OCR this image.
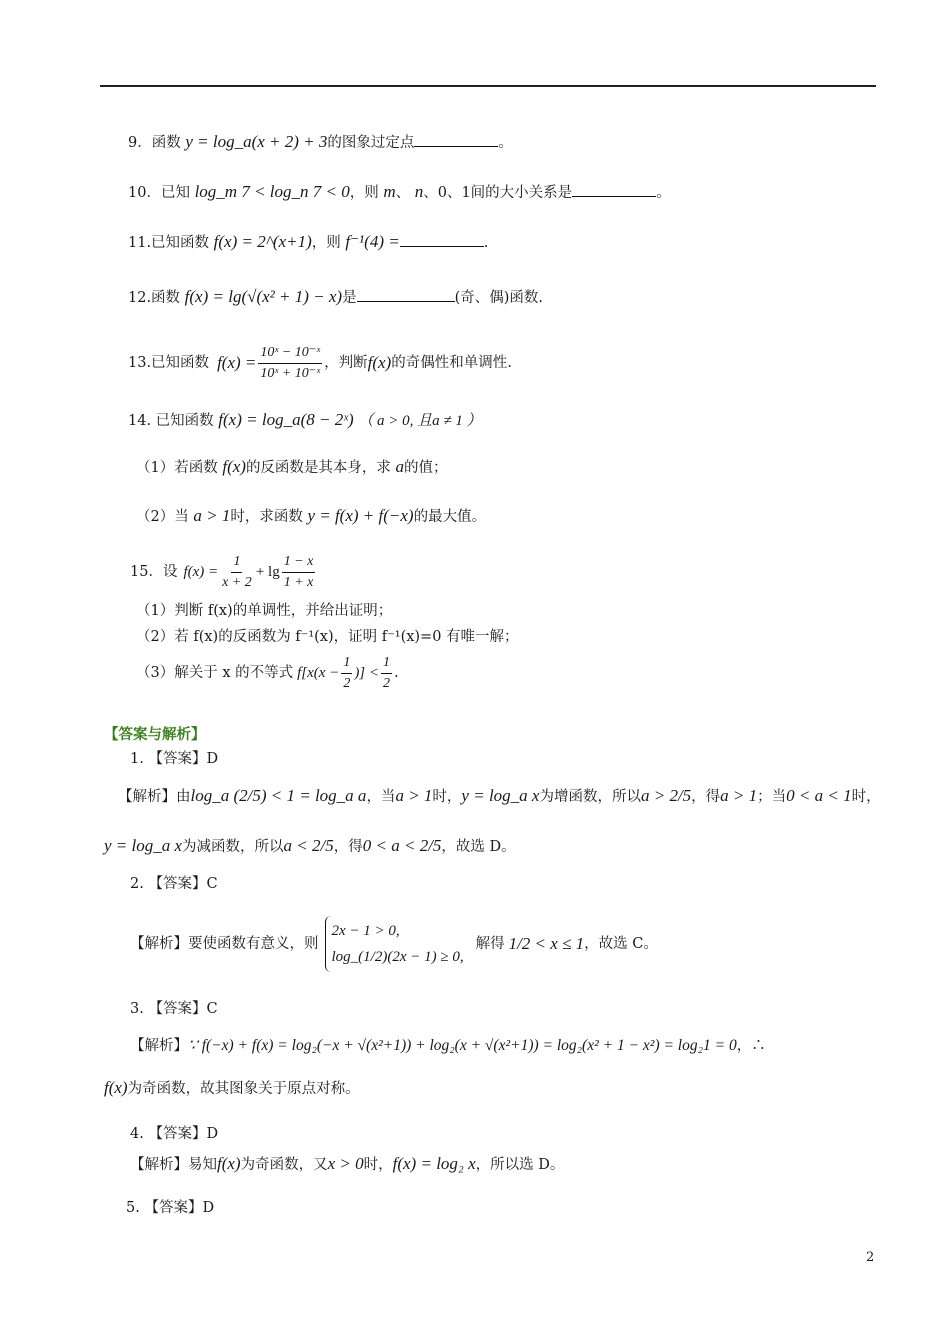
9．函数 y = log_a(x + 2) + 3的图象过定点	。
10．已知 log_m 7 < log_n 7 < 0，则 m、 n、0、1间的大小关系是	。
11.已知函数 f(x) = 2^(x+1)，则 f⁻¹(4) =	.
12.函数 f(x) = lg(√(x² + 1) − x)是	(奇、偶)函数.
13.已知函数 $f(x) = \frac{\text{10ˣ − 10⁻ˣ}}{\text{10ˣ + 10⁻ˣ}}$ ，判断 f(x) 的奇偶性和单调性.
14. 已知函数 f(x) = log_a(8 − 2ˣ) （ a > 0, 且a ≠ 1 ）
（1）若函数 f(x)的反函数是其本身，求 a的值；
（2）当 a > 1时，求函数 y = f(x) + f(−x)的最大值。
15．设 $f(x) = \frac{1}{x + 2} + \lg \frac{1 - x}{1 + x}$
（1）判断 f(x)的单调性，并给出证明；
（2）若 f(x)的反函数为 f⁻¹(x)，证明 f⁻¹(x)=0 有唯一解；
（3）解关于 x 的不等式 $f[x(x - \frac{1}{2}$ )] < $\frac{1}{2}$ .
【答案与解析】
1. 【答案】D
【解析】由log_a (2/5) < 1 = log_a a，当a > 1时，y = log_a x为增函数，所以a > 2/5，得a > 1；当0 < a < 1时，
y = log_a x为减函数，所以a < 2/5，得0 < a < 2/5，故选 D。
2. 【答案】C
【解析】要使函数有意义，则
2x − 1 > 0,
log_(1/2)(2x − 1) ≥ 0,
解得 1/2 < x ≤ 1 ，故选 C。
3. 【答案】C
【解析】∵ f(−x) + f(x) = log₂(−x + √(x²+1)) + log₂(x + √(x²+1)) = log₂(x² + 1 − x²) = log₂1 = 0，∴
f(x)为奇函数，故其图象关于原点对称。
4. 【答案】D
【解析】易知f(x)为奇函数，又x > 0时，f(x) = log₂ x，所以选 D。
5. 【答案】D
2
